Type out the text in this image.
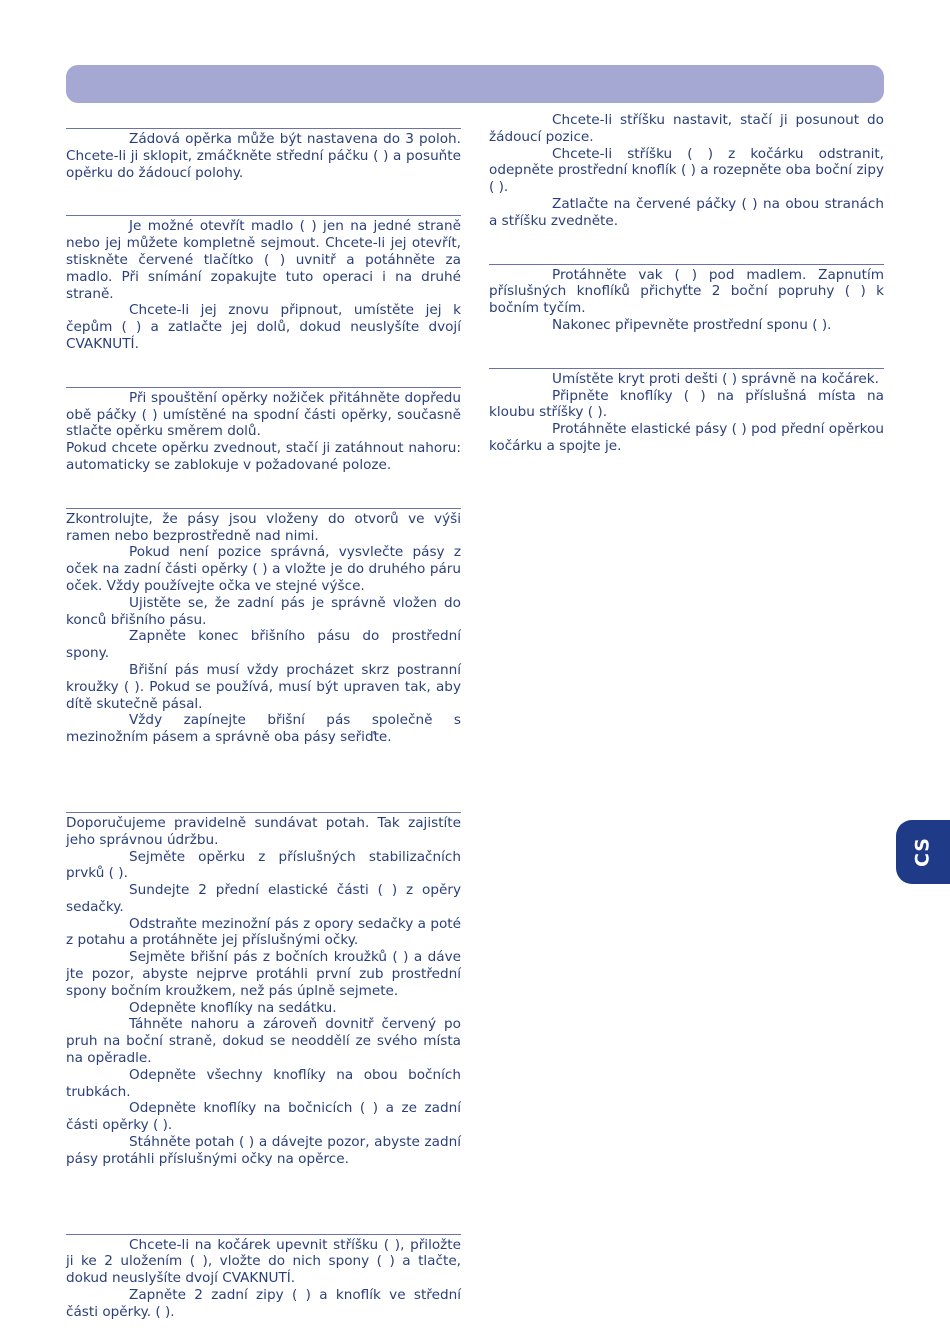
Zádová opěrka může být nastavena do 3 poloh. Chcete-li ji sklopit, zmáčkněte střední páčku ( ) a posuňte opěrku do žádoucí polohy.

Je možné otevřít madlo ( ) jen na jedné straně nebo jej můžete kompletně sejmout. Chcete-li jej otevřít, stiskněte červené tlačítko ( ) uvnitř a potáhněte za madlo. Při snímání zopakujte tuto operaci i na druhé straně.

Chcete-li jej znovu připnout, umístěte jej k čepům ( ) a zatlačte jej dolů, dokud neuslyšíte dvojí CVAKNUTÍ.

Při spouštění opěrky nožiček přitáhněte dopředu obě páčky ( ) umístěné na spodní části opěrky, současně stlačte opěrku směrem dolů.

Pokud chcete opěrku zvednout, stačí ji zatáhnout nahoru: automaticky se zablokuje v požadované poloze.

Zkontrolujte, že pásy jsou vloženy do otvorů ve výši ramen nebo bezprostředně nad nimi.

Pokud není pozice správná, vysvlečte pásy z oček na zadní části opěrky ( ) a vložte je do druhého páru oček. Vždy používejte očka ve stejné výšce.

Ujistěte se, že zadní pás je správně vložen do konců břišního pásu.

Zapněte konec břišního pásu do prostřední spony.

Břišní pás musí vždy procházet skrz postranní kroužky ( ). Pokud se používá, musí být upraven tak, aby dítě skutečně pásal.

Vždy zapínejte břišní pás společně s mezinožním pásem a správně oba pásy seřiďte.

Doporučujeme pravidelně sundávat potah. Tak zajistíte jeho správnou údržbu.

Sejměte opěrku z příslušných stabilizačních prvků ( ).

Sundejte 2 přední elastické části ( ) z opěry sedačky.

Odstraňte mezinožní pás z opory sedačky a poté z potahu a protáhněte jej příslušnými očky.

Sejměte břišní pás z bočních kroužků ( ) a dáve jte pozor, abyste nejprve protáhli první zub prostřední spony bočním kroužkem, než pás úplně sejmete.

Odepněte knoflíky na sedátku.

Táhněte nahoru a zároveň dovnitř červený po pruh na boční straně, dokud se neoddělí ze svého místa na opěradle.

Odepněte všechny knoflíky na obou bočních trubkách.

Odepněte knoflíky na bočnicích ( ) a ze zadní části opěrky ( ).

Stáhněte potah ( ) a dávejte pozor, abyste zadní pásy protáhli příslušnými očky na opěrce.

Chcete-li na kočárek upevnit stříšku ( ), přiložte ji ke 2 uložením ( ), vložte do nich spony ( ) a tlačte, dokud neuslyšíte dvojí CVAKNUTÍ.

Zapněte 2 zadní zipy ( ) a knoflík ve střední části opěrky. ( ).

Chcete-li stříšku nastavit, stačí ji posunout do žádoucí pozice.

Chcete-li stříšku ( ) z kočárku odstranit, odepněte prostřední knoflík ( ) a rozepněte oba boční zipy ( ).

Zatlačte na červené páčky ( ) na obou stranách a stříšku zvedněte.

Protáhněte vak ( ) pod madlem. Zapnutím příslušných knoflíků přichyťte 2 boční popruhy ( ) k bočním tyčím.

Nakonec připevněte prostřední sponu ( ).

Umístěte kryt proti dešti ( ) správně na kočárek.

Připněte knoflíky ( ) na příslušná místa na kloubu stříšky ( ).

Protáhněte elastické pásy ( ) pod přední opěrkou kočárku a spojte je.

CS
